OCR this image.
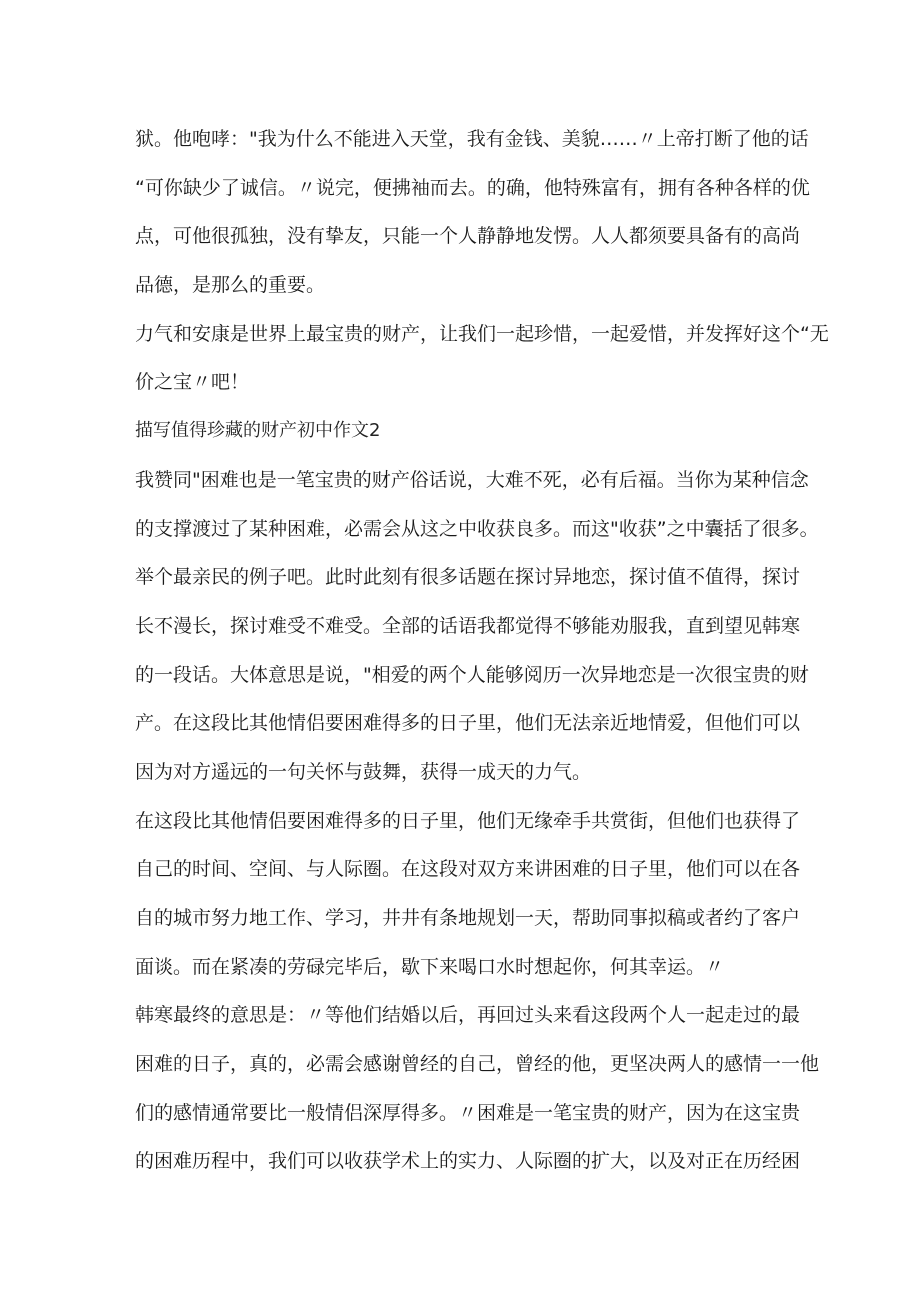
狱。他咆哮："我为什么不能进入天堂，我有金钱、美貌……〃上帝打断了他的话
“可你缺少了诚信。〃说完，便拂袖而去。的确，他特殊富有，拥有各种各样的优
点，可他很孤独，没有挚友，只能一个人静静地发愣。人人都须要具备有的高尚
品德，是那么的重要。
力气和安康是世界上最宝贵的财产，让我们一起珍惜，一起爱惜，并发挥好这个“无
价之宝〃吧！
描写值得珍藏的财产初中作文2
我赞同"困难也是一笔宝贵的财产俗话说，大难不死，必有后福。当你为某种信念
的支撑渡过了某种困难，必需会从这之中收获良多。而这"收获”之中囊括了很多。
举个最亲民的例子吧。此时此刻有很多话题在探讨异地恋，探讨值不值得，探讨
长不漫长，探讨难受不难受。全部的话语我都觉得不够能劝服我，直到望见韩寒
的一段话。大体意思是说，"相爱的两个人能够阅历一次异地恋是一次很宝贵的财
产。在这段比其他情侣要困难得多的日子里，他们无法亲近地情爱，但他们可以
因为对方遥远的一句关怀与鼓舞，获得一成天的力气。
在这段比其他情侣要困难得多的日子里，他们无缘牵手共赏街，但他们也获得了
自己的时间、空间、与人际圈。在这段对双方来讲困难的日子里，他们可以在各
自的城市努力地工作、学习，井井有条地规划一天，帮助同事拟稿或者约了客户
面谈。而在紧凑的劳碌完毕后，歇下来喝口水时想起你，何其幸运。〃
韩寒最终的意思是：〃等他们结婚以后，再回过头来看这段两个人一起走过的最
困难的日子，真的，必需会感谢曾经的自己，曾经的他，更坚决两人的感情一一他
们的感情通常要比一般情侣深厚得多。〃困难是一笔宝贵的财产，因为在这宝贵
的困难历程中，我们可以收获学术上的实力、人际圈的扩大，以及对正在历经困
